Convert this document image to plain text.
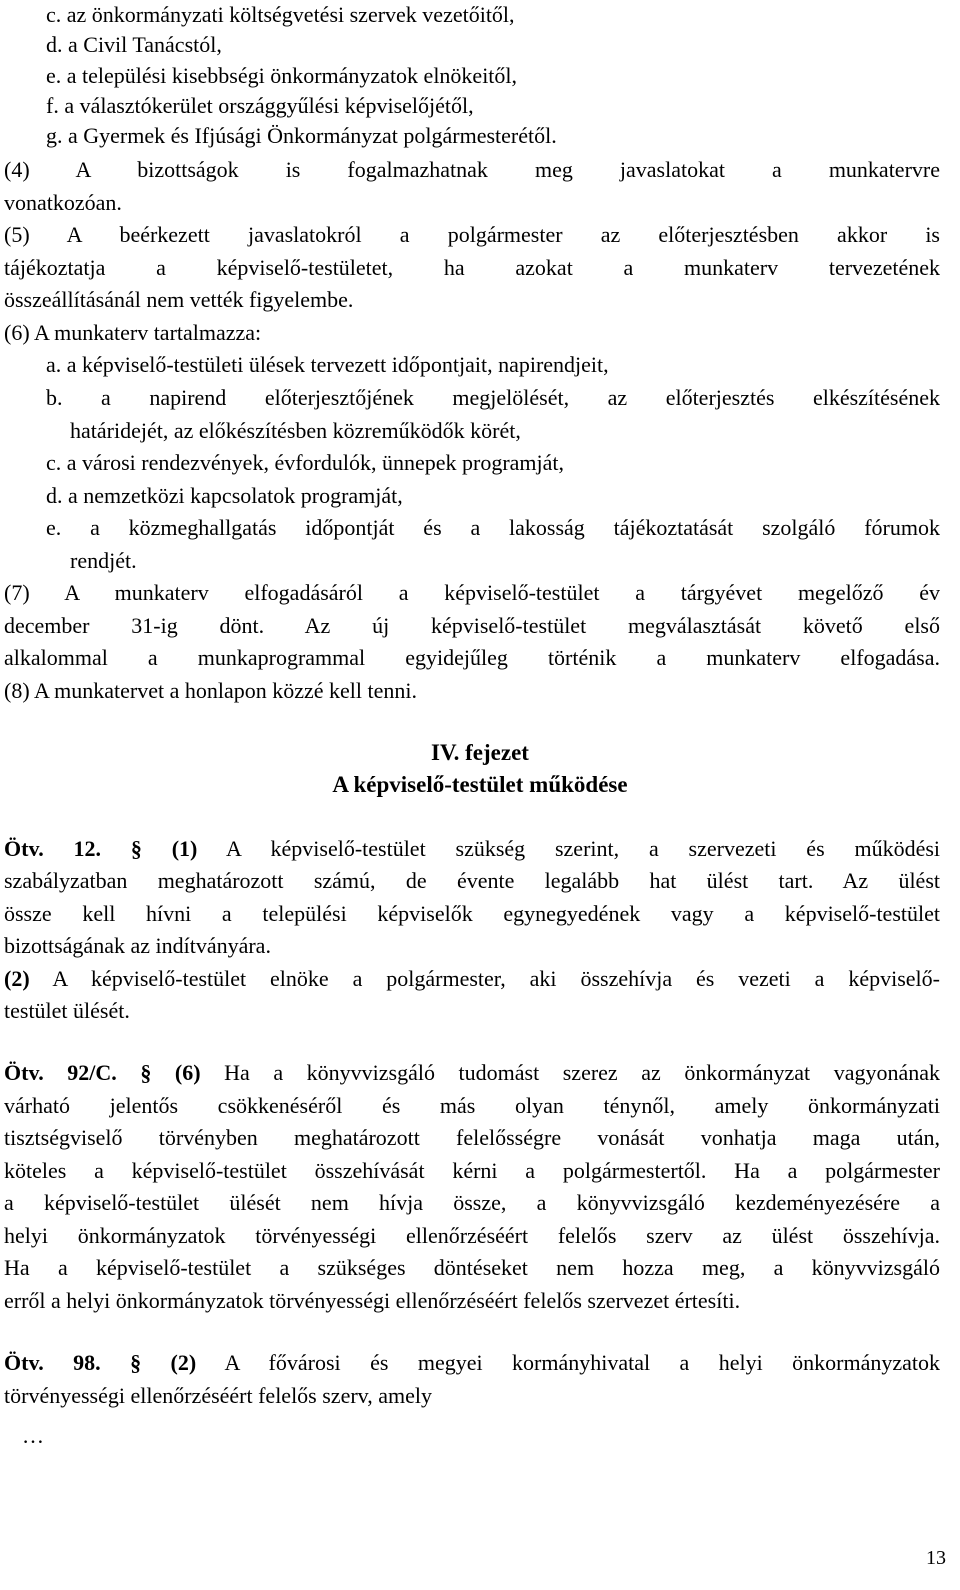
c. az önkormányzati költségvetési szervek vezetőitől,
d. a Civil Tanácstól,
e. a települési kisebbségi önkormányzatok elnökeitől,
f. a választókerület országgyűlési képviselőjétől,
g. a Gyermek és Ifjúsági Önkormányzat polgármesterétől.
(4) A bizottságok is fogalmazhatnak meg javaslatokat a munkatervre
vonatkozóan.
(5) A beérkezett javaslatokról a polgármester az előterjesztésben akkor is
tájékoztatja a képviselő-testületet, ha azokat a munkaterv tervezetének
összeállításánál nem vették figyelembe.
(6) A munkaterv tartalmazza:
a. a képviselő-testületi ülések tervezett időpontjait, napirendjeit,
b. a napirend előterjesztőjének megjelölését, az előterjesztés elkészítésének
határidejét, az előkészítésben közreműködők körét,
c. a városi rendezvények, évfordulók, ünnepek programját,
d. a nemzetközi kapcsolatok programját,
e. a közmeghallgatás időpontját és a lakosság tájékoztatását szolgáló fórumok
rendjét.
(7) A munkaterv elfogadásáról a képviselő-testület a tárgyévet megelőző év
december 31-ig dönt. Az új képviselő-testület megválasztását követő első
alkalommal a munkaprogrammal egyidejűleg történik a munkaterv elfogadása.
(8) A munkatervet a honlapon közzé kell tenni.
IV. fejezet
A képviselő-testület működése
Ötv. 12. § (1) A képviselő-testület szükség szerint, a szervezeti és működési
szabályzatban meghatározott számú, de évente legalább hat ülést tart. Az ülést
össze kell hívni a települési képviselők egynegyedének vagy a képviselő-testület
bizottságának az indítványára.
(2) A képviselő-testület elnöke a polgármester, aki összehívja és vezeti a képviselő-
testület ülését.
Ötv. 92/C. § (6) Ha a könyvvizsgáló tudomást szerez az önkormányzat vagyonának
várható jelentős csökkenéséről és más olyan ténynől, amely önkormányzati
tisztségviselő törvényben meghatározott felelősségre vonását vonhatja maga után,
köteles a képviselő-testület összehívását kérni a polgármestertől. Ha a polgármester
a képviselő-testület ülését nem hívja össze, a könyvvizsgáló kezdeményezésére a
helyi önkormányzatok törvényességi ellenőrzéséért felelős szerv az ülést összehívja.
Ha a képviselő-testület a szükséges döntéseket nem hozza meg, a könyvvizsgáló
erről a helyi önkormányzatok törvényességi ellenőrzéséért felelős szervezet értesíti.
Ötv. 98. § (2) A fővárosi és megyei kormányhivatal a helyi önkormányzatok
törvényességi ellenőrzéséért felelős szerv, amely
…
13
